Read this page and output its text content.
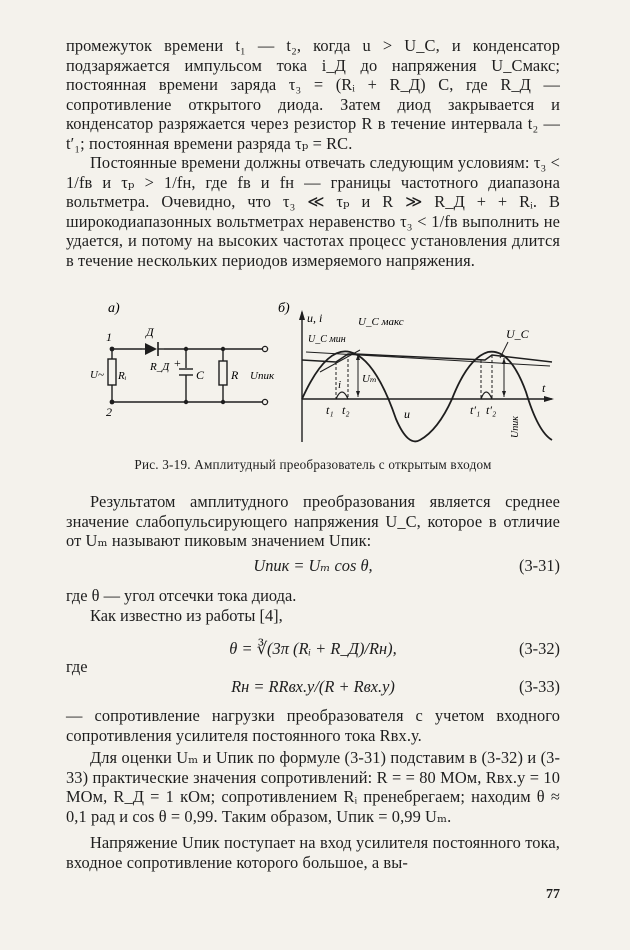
промежуток времени t₁ — t₂, когда u > U_C, и конденсатор подзаряжается импульсом тока i_Д до напряжения U_Cмакс; постоянная времени заряда τ₃ = (Rᵢ + R_Д) C, где R_Д — сопротивление открытого диода. Затем диод закрывается и конденсатор разряжается через резистор R в течение интервала t₂ — t′₁; постоянная времени разряда τₚ = RC.
Постоянные времени должны отвечать следующим условиям: τ₃ < 1/fв и τₚ > 1/fн, где fв и fн — границы частотного диапазона вольтметра. Очевидно, что τ₃ ≪ τₚ и R ≫ R_Д + + Rᵢ. В широкодиапазонных вольтметрах неравенство τ₃ < 1/fв выполнить не удается, и потому на высоких частотах процесс установления длится в течение нескольких периодов измеряемого напряжения.
а)
1
2
Д
U~ Rᵢ
R_Д +
C R Uпик
б)
u, i
t
U_C мин
U_C макс
U_C
i Uₘ
u
t₁ t₂	t′₁ t′₂
Uпик
Рис. 3-19. Амплитудный преобразователь с открытым входом
Результатом амплитудного преобразования является среднее значение слабопульсирующего напряжения U_C, которое в отличие от Uₘ называют пиковым значением Uпик:
Uпик = Uₘ cos θ,	(3-31)
где θ — угол отсечки тока диода.
Как известно из работы [4],
θ = ∛(3π (Rᵢ + R_Д)/Rн),	(3-32)
где
Rн = RRвх.у/(R + Rвх.у)	(3-33)
— сопротивление нагрузки преобразователя с учетом входного сопротивления усилителя постоянного тока Rвх.у.
Для оценки Uₘ и Uпик по формуле (3-31) подставим в (3-32) и (3-33) практические значения сопротивлений: R = = 80 МОм, Rвх.у = 10 МОм, R_Д = 1 кОм; сопротивлением Rᵢ пренебрегаем; находим θ ≈ 0,1 рад и cos θ = 0,99. Таким образом, Uпик = 0,99 Uₘ.
Напряжение Uпик поступает на вход усилителя постоянного тока, входное сопротивление которого большое, а вы-
77
